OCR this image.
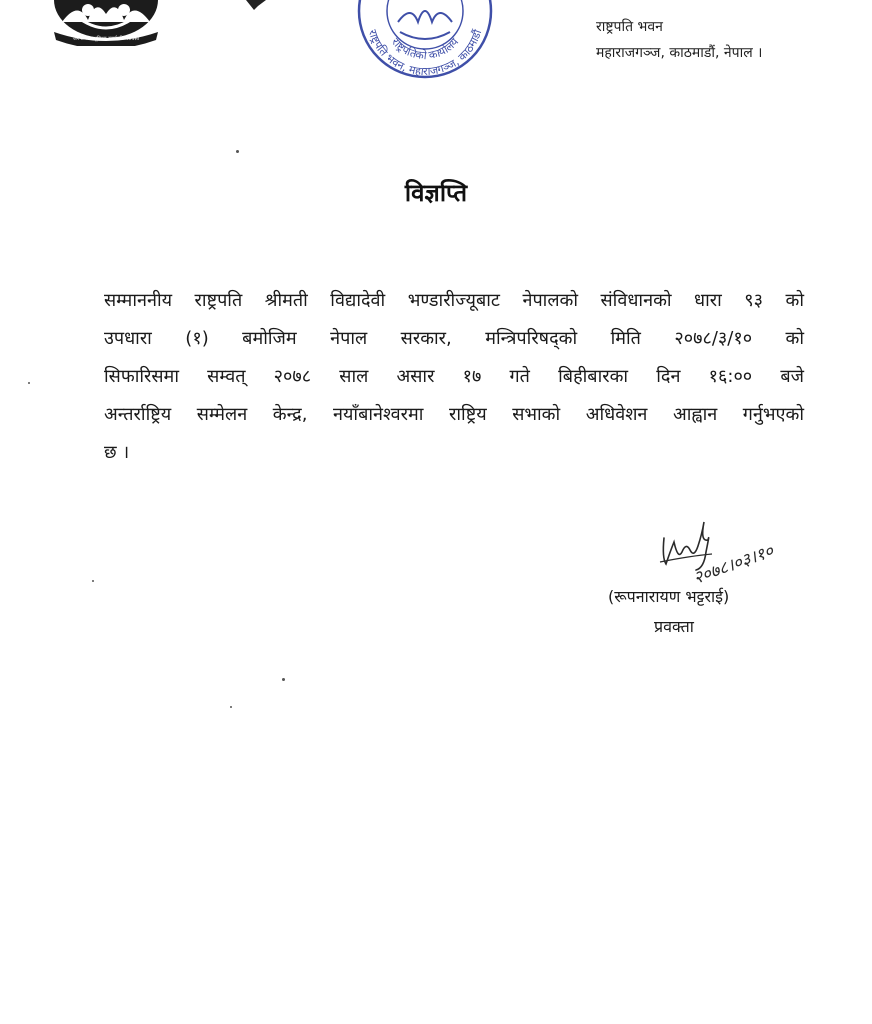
जननी जन्मभूमिश्च स्वर्गादपि गरीयसी	राष्ट्रपतिको कार्यालय
राष्ट्रपति भवन, महाराजगञ्ज, काठमाडौं	राष्ट्रपति भवन
महाराजगञ्ज, काठमाडौं, नेपाल ।
विज्ञप्ति
सम्माननीय राष्ट्रपति श्रीमती विद्यादेवी भण्डारीज्यूबाट नेपालको संविधानको धारा ९३ को
उपधारा (१) बमोजिम नेपाल सरकार, मन्त्रिपरिषद्को मिति २०७८/३/१० को
सिफारिसमा सम्वत् २०७८ साल असार १७ गते बिहीबारका दिन १६:०० बजे
अन्तर्राष्ट्रिय सम्मेलन केन्द्र, नयाँबानेश्वरमा राष्ट्रिय सभाको अधिवेशन आह्वान गर्नुभएको
छ ।
२०७८।०३।१०
(रूपनारायण भट्टराई)
प्रवक्ता
